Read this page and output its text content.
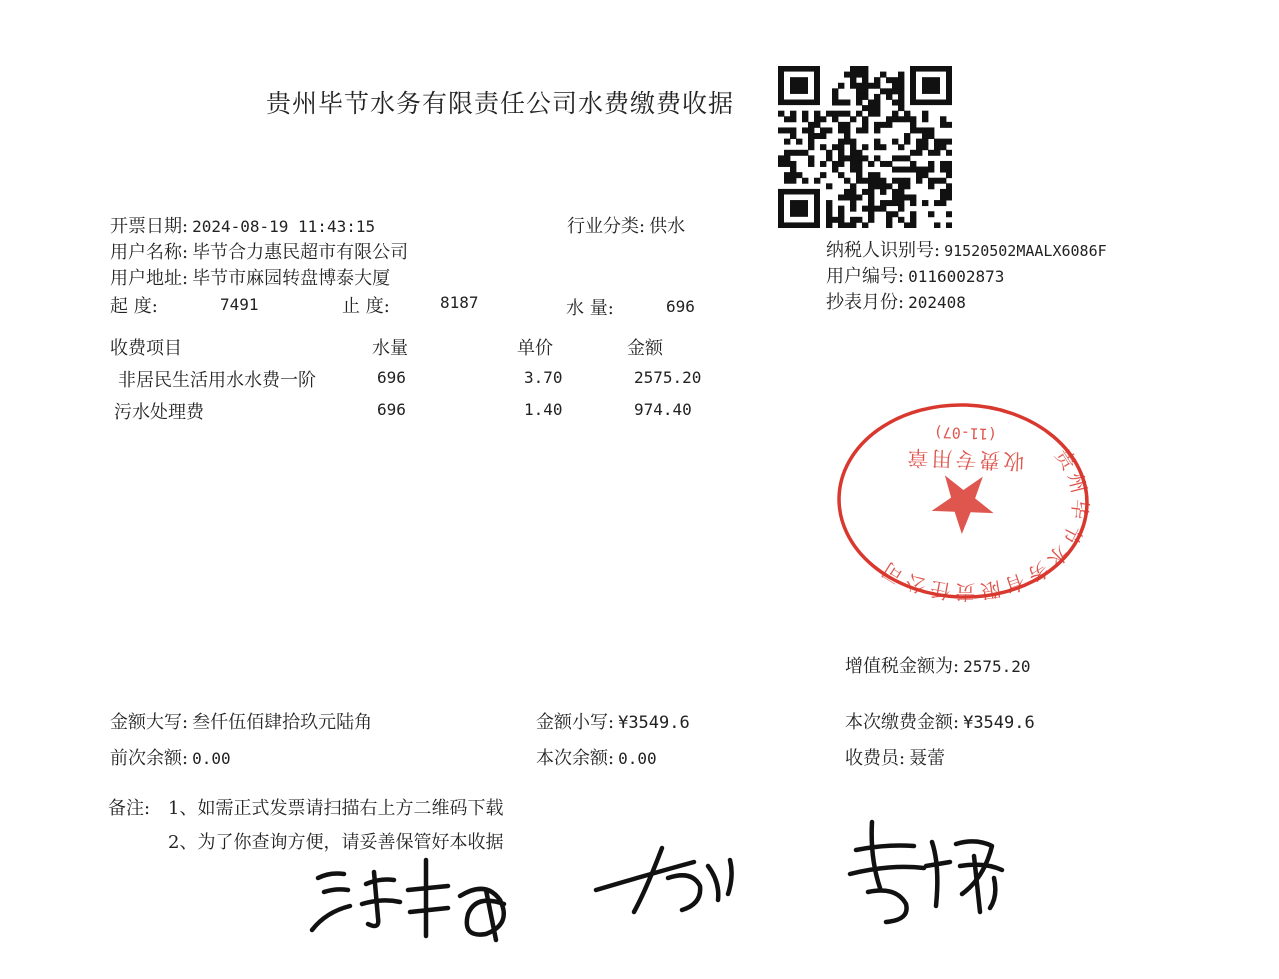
贵州毕节水务有限责任公司水费缴费收据
开票日期: 2024-08-19 11:43:15	行业分类: 供水
用户名称: 毕节合力惠民超市有限公司
用户地址: 毕节市麻园转盘博泰大厦
起 度:	7491	止 度:	8187	水 量:	696
纳税人识别号: 91520502MAALX6086F
用户编号: 0116002873
抄表月份: 202408
收费项目	水量	单价	金额
非居民生活用水水费一阶	696	3.70	2575.20
污水处理费	696	1.40	974.40
贵州毕节水务有限责任公司
收费专用章
(11-07)
增值税金额为: 2575.20
金额大写: 叁仟伍佰肆拾玖元陆角	金额小写: ¥3549.6	本次缴费金额: ¥3549.6
前次余额: 0.00	本次余额: 0.00	收费员: 聂蕾
备注: 1、如需正式发票请扫描右上方二维码下载
2、为了你查询方便，请妥善保管好本收据
